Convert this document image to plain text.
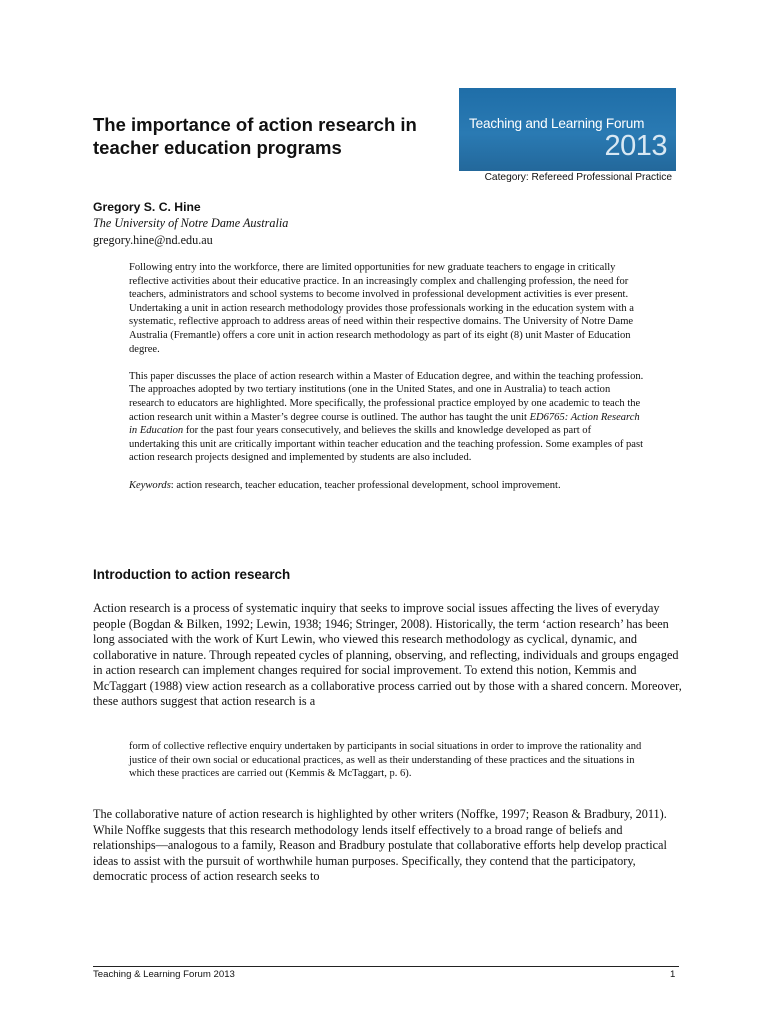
The importance of action research in teacher education programs
Teaching and Learning Forum
2013
Category: Refereed Professional Practice
Gregory S. C. Hine
The University of Notre Dame Australia
gregory.hine@nd.edu.au

Following entry into the workforce, there are limited opportunities for new graduate teachers to engage in critically reflective activities about their educative practice. In an increasingly complex and challenging profession, the need for teachers, administrators and school systems to become involved in professional development activities is ever present. Undertaking a unit in action research methodology provides those professionals working in the education system with a systematic, reflective approach to address areas of need within their respective domains. The University of Notre Dame Australia (Fremantle) offers a core unit in action research methodology as part of its eight (8) unit Master of Education degree.

This paper discusses the place of action research within a Master of Education degree, and within the teaching profession. The approaches adopted by two tertiary institutions (one in the United States, and one in Australia) to teach action research to educators are highlighted. More specifically, the professional practice employed by one academic to teach the action research unit within a Master’s degree course is outlined. The author has taught the unit ED6765: Action Research in Education for the past four years consecutively, and believes the skills and knowledge developed as part of undertaking this unit are critically important within teacher education and the teaching profession. Some examples of past action research projects designed and implemented by students are also included.

Keywords: action research, teacher education, teacher professional development, school improvement.

Introduction to action research

Action research is a process of systematic inquiry that seeks to improve social issues affecting the lives of everyday people (Bogdan & Bilken, 1992; Lewin, 1938; 1946; Stringer, 2008). Historically, the term ‘action research’ has been long associated with the work of Kurt Lewin, who viewed this research methodology as cyclical, dynamic, and collaborative in nature. Through repeated cycles of planning, observing, and reflecting, individuals and groups engaged in action research can implement changes required for social improvement. To extend this notion, Kemmis and McTaggart (1988) view action research as a collaborative process carried out by those with a shared concern. Moreover, these authors suggest that action research is a

form of collective reflective enquiry undertaken by participants in social situations in order to improve the rationality and justice of their own social or educational practices, as well as their understanding of these practices and the situations in which these practices are carried out (Kemmis & McTaggart, p. 6).

The collaborative nature of action research is highlighted by other writers (Noffke, 1997; Reason & Bradbury, 2011). While Noffke suggests that this research methodology lends itself effectively to a broad range of beliefs and relationships—analogous to a family, Reason and Bradbury postulate that collaborative efforts help develop practical ideas to assist with the pursuit of worthwhile human purposes. Specifically, they contend that the participatory, democratic process of action research seeks to

Teaching & Learning Forum 2013	1
